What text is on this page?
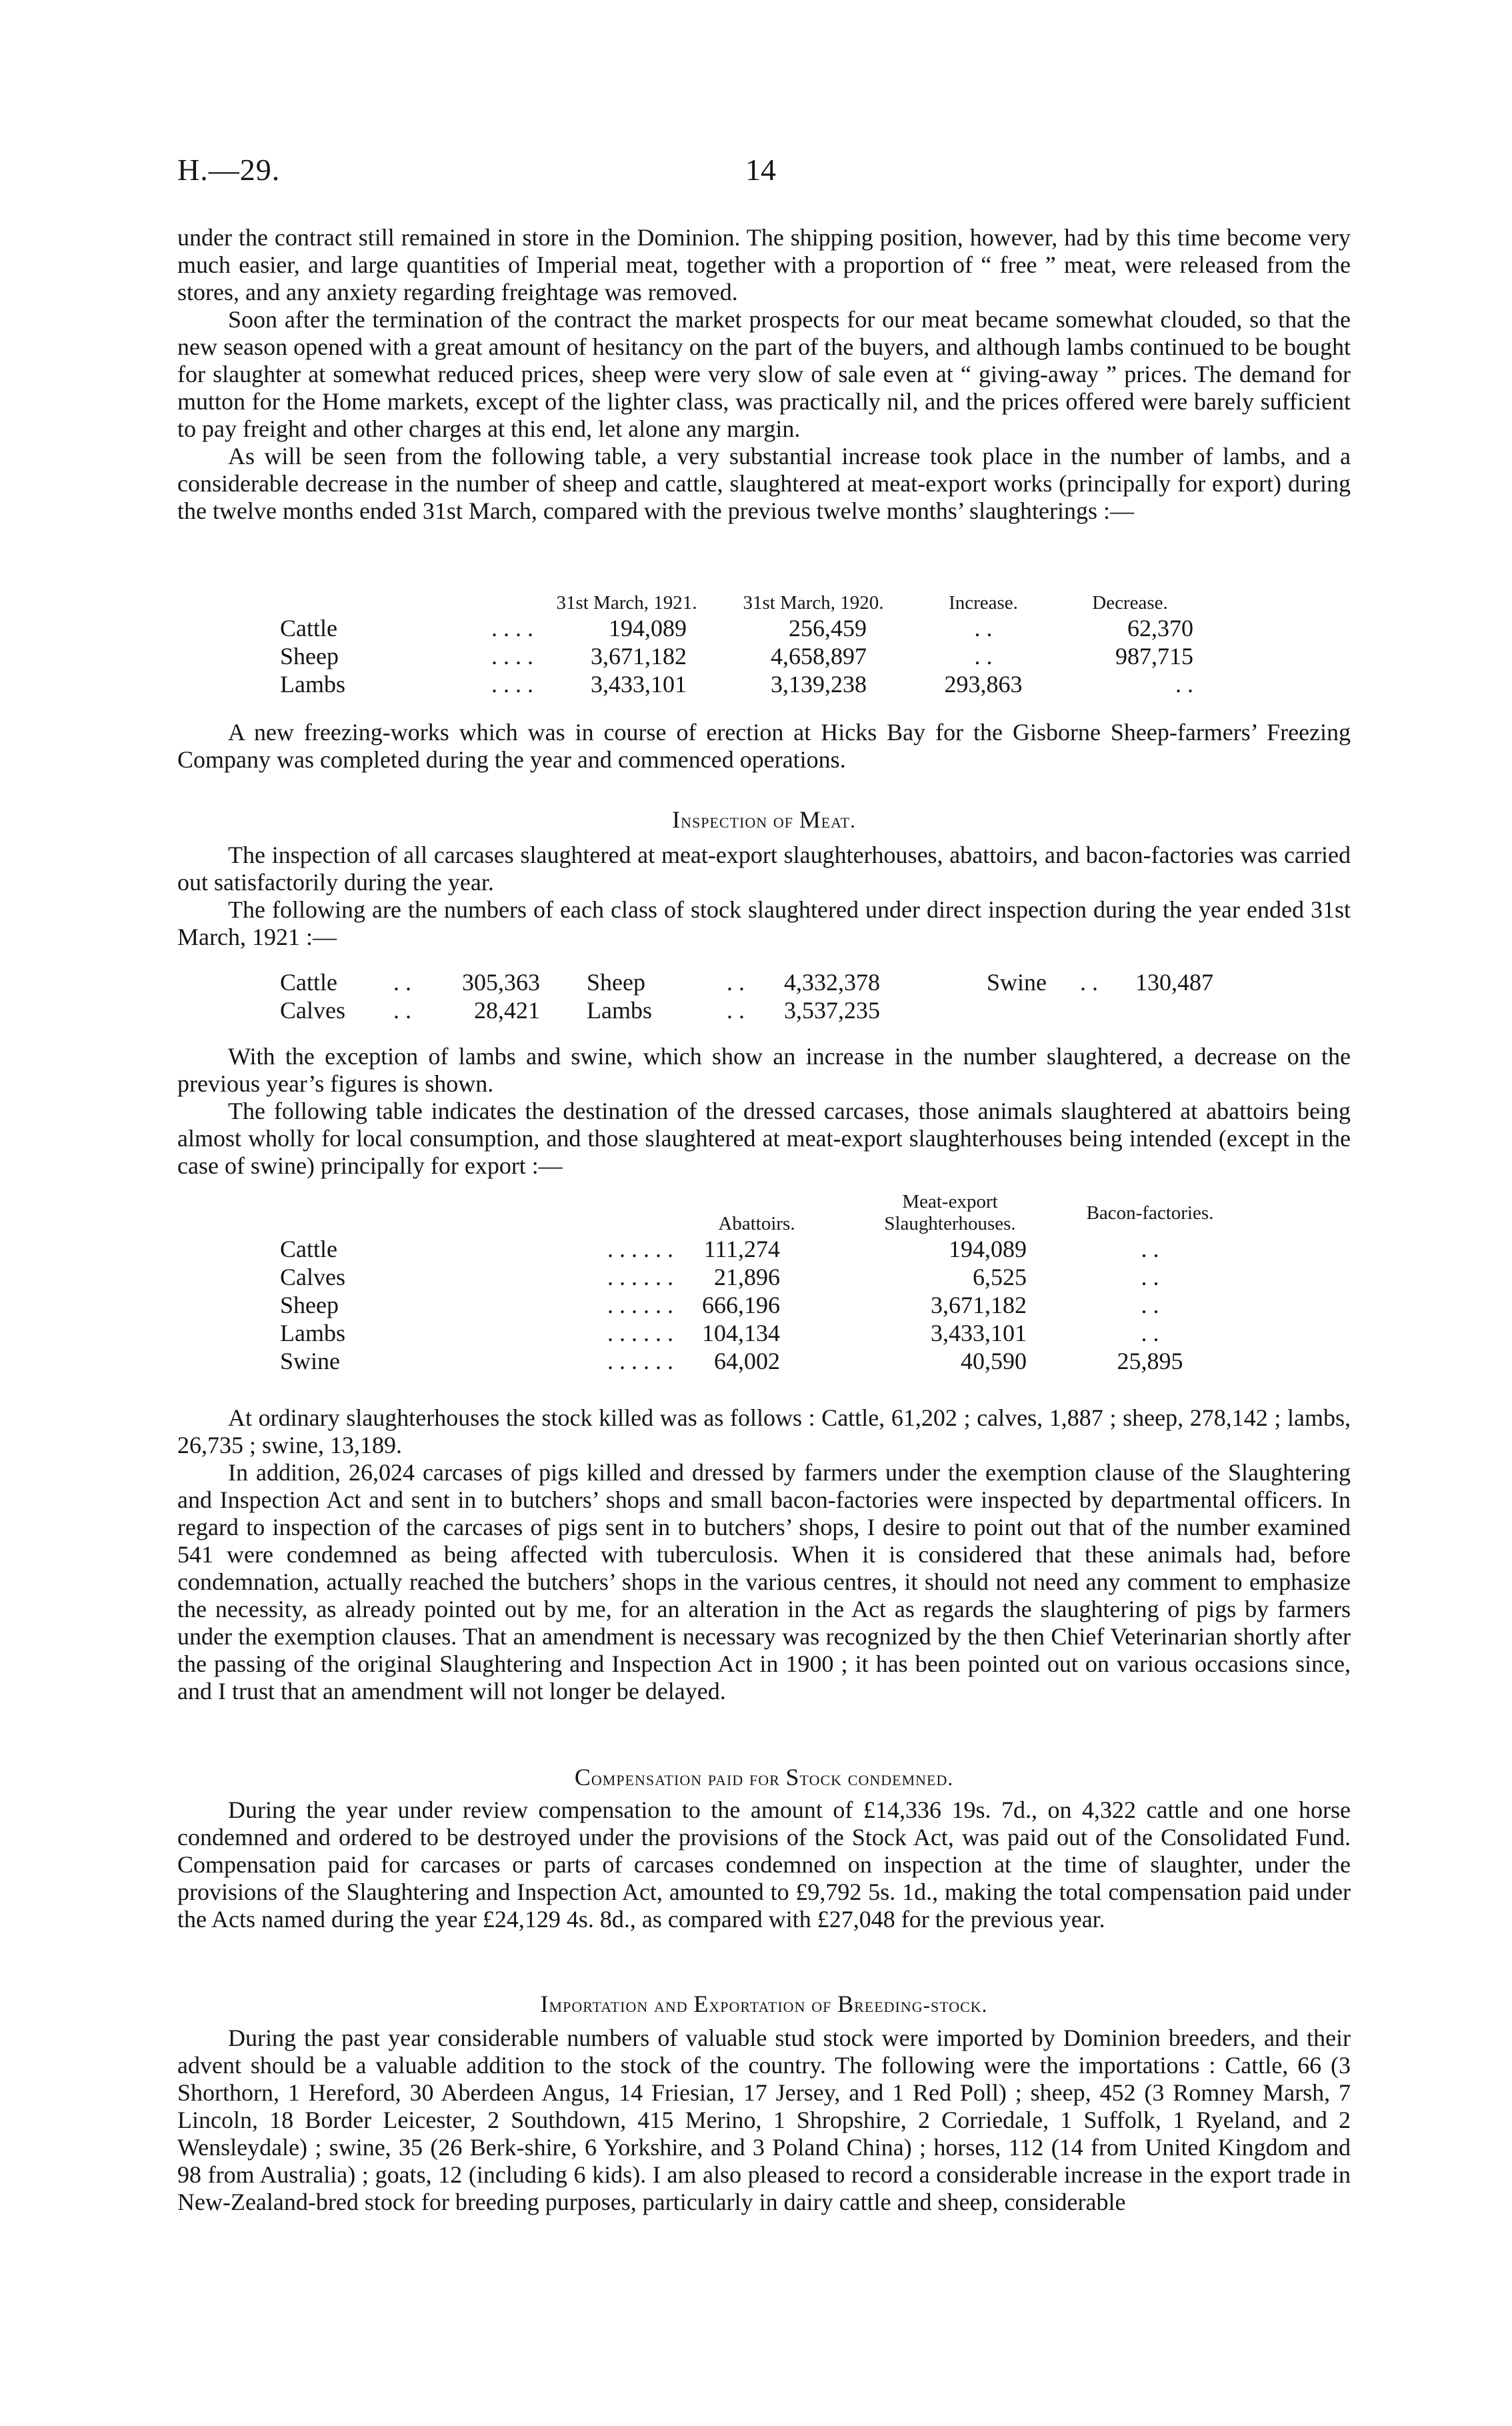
H.—29.	14

under the contract still remained in store in the Dominion. The shipping position, however, had by this time become very much easier, and large quantities of Imperial meat, together with a proportion of “ free ” meat, were released from the stores, and any anxiety regarding freightage was removed.

Soon after the termination of the contract the market prospects for our meat became somewhat clouded, so that the new season opened with a great amount of hesitancy on the part of the buyers, and although lambs continued to be bought for slaughter at somewhat reduced prices, sheep were very slow of sale even at “ giving-away ” prices. The demand for mutton for the Home markets, except of the lighter class, was practically nil, and the prices offered were barely sufficient to pay freight and other charges at this end, let alone any margin.

As will be seen from the following table, a very substantial increase took place in the number of lambs, and a considerable decrease in the number of sheep and cattle, slaughtered at meat-export works (principally for export) during the twelve months ended 31st March, compared with the previous twelve months’ slaughterings :—

		31st March, 1921.	31st March, 1920.	Increase.	Decrease.
Cattle	. . . .	194,089	256,459	. .	62,370
Sheep	. . . .	3,671,182	4,658,897	. .	987,715
Lambs	. . . .	3,433,101	3,139,238	293,863	. .

A new freezing-works which was in course of erection at Hicks Bay for the Gisborne Sheep-farmers’ Freezing Company was completed during the year and commenced operations.

Inspection of Meat.

The inspection of all carcases slaughtered at meat-export slaughterhouses, abattoirs, and bacon-factories was carried out satisfactorily during the year.

The following are the numbers of each class of stock slaughtered under direct inspection during the year ended 31st March, 1921 :—

Cattle	. .	305,363	Sheep	. .	4,332,378	Swine	. .	130,487
Calves	. .	28,421	Lambs	. .	3,537,235			

With the exception of lambs and swine, which show an increase in the number slaughtered, a decrease on the previous year’s figures is shown.

The following table indicates the destination of the dressed carcases, those animals slaughtered at abattoirs being almost wholly for local consumption, and those slaughtered at meat-export slaughterhouses being intended (except in the case of swine) principally for export :—

		Abattoirs.	Meat-export Slaughterhouses.	Bacon-factories.
Cattle	. . . . . .	111,274	194,089	. .
Calves	. . . . . .	21,896	6,525	. .
Sheep	. . . . . .	666,196	3,671,182	. .
Lambs	. . . . . .	104,134	3,433,101	. .
Swine	. . . . . .	64,002	40,590	25,895

At ordinary slaughterhouses the stock killed was as follows : Cattle, 61,202 ; calves, 1,887 ; sheep, 278,142 ; lambs, 26,735 ; swine, 13,189.

In addition, 26,024 carcases of pigs killed and dressed by farmers under the exemption clause of the Slaughtering and Inspection Act and sent in to butchers’ shops and small bacon-factories were inspected by departmental officers. In regard to inspection of the carcases of pigs sent in to butchers’ shops, I desire to point out that of the number examined 541 were condemned as being affected with tuberculosis. When it is considered that these animals had, before condemnation, actually reached the butchers’ shops in the various centres, it should not need any comment to emphasize the necessity, as already pointed out by me, for an alteration in the Act as regards the slaughtering of pigs by farmers under the exemption clauses. That an amendment is necessary was recognized by the then Chief Veterinarian shortly after the passing of the original Slaughtering and Inspection Act in 1900 ; it has been pointed out on various occasions since, and I trust that an amendment will not longer be delayed.

Compensation paid for Stock condemned.

During the year under review compensation to the amount of £14,336 19s. 7d., on 4,322 cattle and one horse condemned and ordered to be destroyed under the provisions of the Stock Act, was paid out of the Consolidated Fund. Compensation paid for carcases or parts of carcases condemned on inspection at the time of slaughter, under the provisions of the Slaughtering and Inspection Act, amounted to £9,792 5s. 1d., making the total compensation paid under the Acts named during the year £24,129 4s. 8d., as compared with £27,048 for the previous year.

Importation and Exportation of Breeding-stock.

During the past year considerable numbers of valuable stud stock were imported by Dominion breeders, and their advent should be a valuable addition to the stock of the country. The following were the importations : Cattle, 66 (3 Shorthorn, 1 Hereford, 30 Aberdeen Angus, 14 Friesian, 17 Jersey, and 1 Red Poll) ; sheep, 452 (3 Romney Marsh, 7 Lincoln, 18 Border Leicester, 2 Southdown, 415 Merino, 1 Shropshire, 2 Corriedale, 1 Suffolk, 1 Ryeland, and 2 Wensleydale) ; swine, 35 (26 Berk-shire, 6 Yorkshire, and 3 Poland China) ; horses, 112 (14 from United Kingdom and 98 from Australia) ; goats, 12 (including 6 kids). I am also pleased to record a considerable increase in the export trade in New-Zealand-bred stock for breeding purposes, particularly in dairy cattle and sheep, considerable
